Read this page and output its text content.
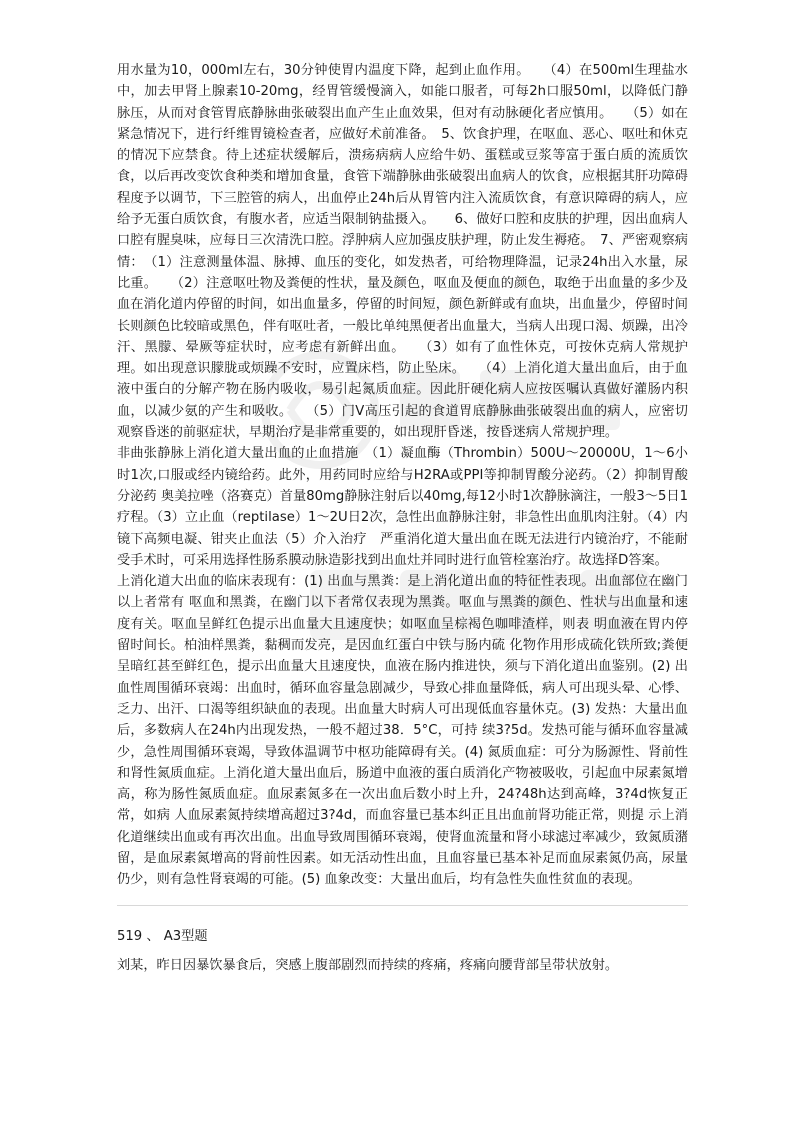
用水量为10，000ml左右，30分钟使胃内温度下降，起到止血作用。　　（4）在500ml生理盐水中，加去甲肾上腺素10-20mg，经胃管缓慢滴入，如能口服者，可每2h口服50ml，以降低门静脉压，从而对食管胃底静脉曲张破裂出血产生止血效果，但对有动脉硬化者应慎用。　　（5）如在紧急情况下，进行纤维胃镜检查者，应做好术前准备。　5、饮食护理，在呕血、恶心、呕吐和休克的情况下应禁食。待上述症状缓解后，溃疡病病人应给牛奶、蛋糕或豆浆等富于蛋白质的流质饮食，以后再改变饮食种类和增加食量，食管下端静脉曲张破裂出血病人的饮食，应根据其肝功障碍程度予以调节，下三腔管的病人，出血停止24h后从胃管内注入流质饮食，有意识障碍的病人，应给予无蛋白质饮食，有腹水者，应适当限制钠盐摄入。　　6、做好口腔和皮肤的护理，因出血病人口腔有腥臭味，应每日三次清洗口腔。浮肿病人应加强皮肤护理，防止发生褥疮。　7、严密观察病情：　（1）注意测量体温、脉搏、血压的变化，如发热者，可给物理降温，记录24h出入水量，尿比重。　　（2）注意呕吐物及粪便的性状，量及颜色，呕血及便血的颜色，取绝于出血量的多少及血在消化道内停留的时间，如出血量多，停留的时间短，颜色新鲜或有血块，出血量少，停留时间长则颜色比较暗或黑色，伴有呕吐者，一般比单纯黑便者出血量大，当病人出现口渴、烦躁，出冷汗、黑朦、晕厥等症状时，应考虑有新鲜出血。　　（3）如有了血性休克，可按休克病人常规护理。如出现意识朦胧或烦躁不安时，应置床档，防止坠床。　　（4）上消化道大量出血后，由于血液中蛋白的分解产物在肠内吸收，易引起氮质血症。因此肝硬化病人应按医嘱认真做好灌肠内积血，以减少氨的产生和吸收。　　（5）门V高压引起的食道胃底静脉曲张破裂出血的病人，应密切观察昏迷的前驱症状，早期治疗是非常重要的，如出现肝昏迷，按昏迷病人常规护理。

非曲张静脉上消化道大量出血的止血措施　（1）凝血酶（Thrombin）500U～20000U，1～6小时1次,口服或经内镜给药。此外，用药同时应给与H2RA或PPI等抑制胃酸分泌药。（2）抑制胃酸分泌药 奥美拉唑（洛赛克）首量80mg静脉注射后以40mg,每12小时1次静脉滴注，一般3～5日1疗程。（3）立止血（reptilase）1～2U日2次，急性出血静脉注射，非急性出血肌肉注射。（4）内镜下高频电凝、钳夹止血法（5）介入治疗　严重消化道大量出血在既无法进行内镜治疗，不能耐受手术时，可采用选择性肠系膜动脉造影找到出血灶并同时进行血管栓塞治疗。故选择D答案。

上消化道大出血的临床表现有：(1) 出血与黑粪：是上消化道出血的特征性表现。出血部位在幽门以上者常有 呕血和黑粪，在幽门以下者常仅表现为黑粪。呕血与黑粪的颜色、性状与出血量和速度有关。呕血呈鲜红色提示出血量大且速度快；如呕血呈棕褐色咖啡渣样，则表 明血液在胃内停留时间长。柏油样黑粪，黏稠而发亮，是因血红蛋白中铁与肠内硫 化物作用形成硫化铁所致;粪便呈暗红甚至鲜红色，提示出血量大且速度快，血液在肠内推进快，须与下消化道出血鉴别。(2) 出血性周围循环衰竭：出血时，循环血容量急剧减少，导致心排血量降低，病人可出现头晕、心悸、乏力、出汗、口渴等组织缺血的表现。出血量大时病人可出现低血容量休克。(3) 发热：大量出血后，多数病人在24h内出现发热，一般不超过38．5°C，可持 续3?5d。发热可能与循环血容量减少，急性周围循环衰竭，导致体温调节中枢功能障碍有关。(4) 氮质血症：可分为肠源性、肾前性和肾性氮质血症。上消化道大量出血后，肠道中血液的蛋白质消化产物被吸收，引起血中尿素氮增高，称为肠性氮质血症。血尿素氮多在一次出血后数小时上升，24?48h达到高峰，3?4d恢复正常，如病 人血尿素氮持续增高超过3?4d，而血容量已基本纠正且出血前肾功能正常，则提 示上消化道继续出血或有再次出血。出血导致周围循环衰竭，使肾血流量和肾小球滤过率减少，致氮质潴留，是血尿素氮增高的肾前性因素。如无活动性出血，且血容量已基本补足而血尿素氮仍高，尿量仍少，则有急性肾衰竭的可能。(5) 血象改变：大量出血后，均有急性失血性贫血的表现。

519 、 A3型题

刘某，昨日因暴饮暴食后，突感上腹部剧烈而持续的疼痛，疼痛向腰背部呈带状放射。
